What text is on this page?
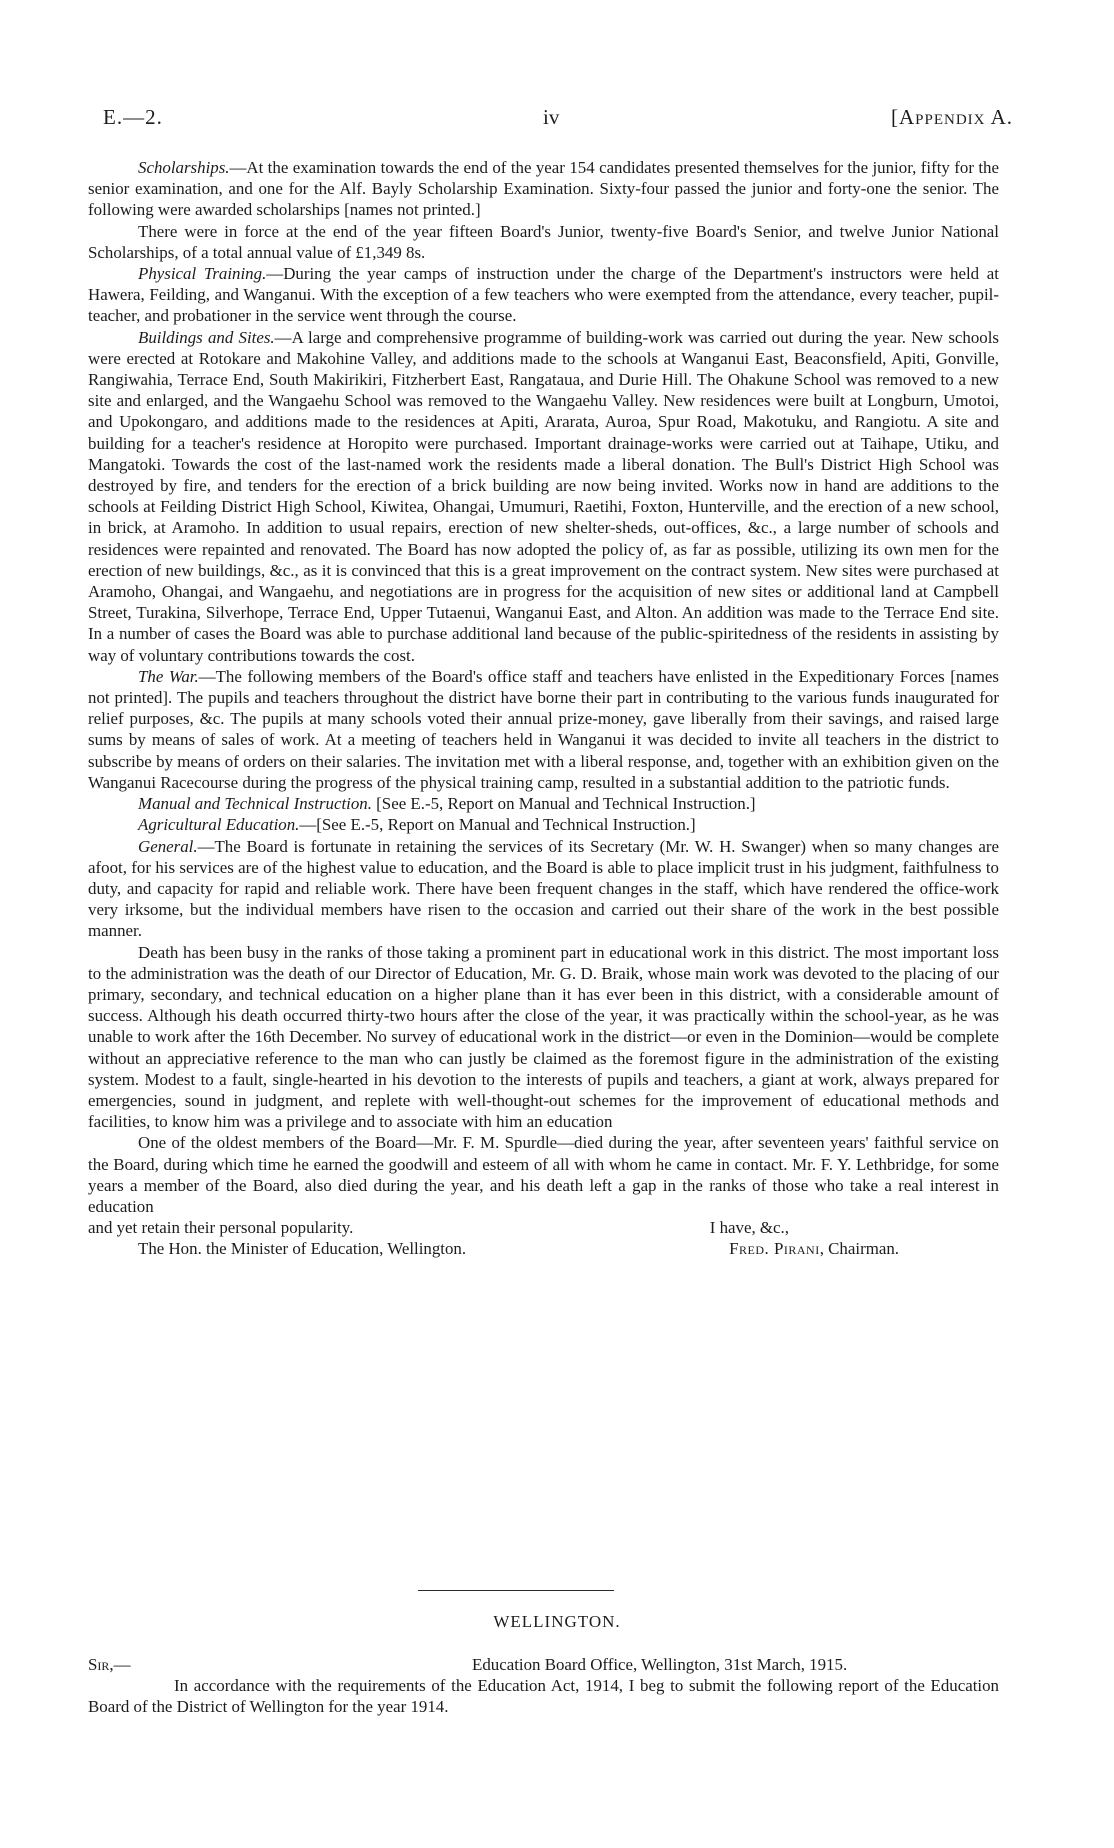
E.—2.	iv	[Appendix A.

Scholarships.—At the examination towards the end of the year 154 candidates presented themselves for the junior, fifty for the senior examination, and one for the Alf. Bayly Scholarship Examination. Sixty-four passed the junior and forty-one the senior. The following were awarded scholarships [names not printed.]

There were in force at the end of the year fifteen Board's Junior, twenty-five Board's Senior, and twelve Junior National Scholarships, of a total annual value of £1,349 8s.

Physical Training.—During the year camps of instruction under the charge of the Department's instructors were held at Hawera, Feilding, and Wanganui. With the exception of a few teachers who were exempted from the attendance, every teacher, pupil-teacher, and probationer in the service went through the course.

Buildings and Sites.—A large and comprehensive programme of building-work was carried out during the year. New schools were erected at Rotokare and Makohine Valley, and additions made to the schools at Wanganui East, Beaconsfield, Apiti, Gonville, Rangiwahia, Terrace End, South Makirikiri, Fitzherbert East, Rangataua, and Durie Hill. The Ohakune School was removed to a new site and enlarged, and the Wangaehu School was removed to the Wangaehu Valley. New residences were built at Longburn, Umotoi, and Upokongaro, and additions made to the residences at Apiti, Ararata, Auroa, Spur Road, Makotuku, and Rangiotu. A site and building for a teacher's residence at Horopito were purchased. Important drainage-works were carried out at Taihape, Utiku, and Mangatoki. Towards the cost of the last-named work the residents made a liberal donation. The Bull's District High School was destroyed by fire, and tenders for the erection of a brick building are now being invited. Works now in hand are additions to the schools at Feilding District High School, Kiwitea, Ohangai, Umumuri, Raetihi, Foxton, Hunterville, and the erection of a new school, in brick, at Aramoho. In addition to usual repairs, erection of new shelter-sheds, out-offices, &c., a large number of schools and residences were repainted and renovated. The Board has now adopted the policy of, as far as possible, utilizing its own men for the erection of new buildings, &c., as it is convinced that this is a great improvement on the contract system. New sites were purchased at Aramoho, Ohangai, and Wangaehu, and negotiations are in progress for the acquisition of new sites or additional land at Campbell Street, Turakina, Silverhope, Terrace End, Upper Tutaenui, Wanganui East, and Alton. An addition was made to the Terrace End site. In a number of cases the Board was able to purchase additional land because of the public-spiritedness of the residents in assisting by way of voluntary contributions towards the cost.

The War.—The following members of the Board's office staff and teachers have enlisted in the Expeditionary Forces [names not printed]. The pupils and teachers throughout the district have borne their part in contributing to the various funds inaugurated for relief purposes, &c. The pupils at many schools voted their annual prize-money, gave liberally from their savings, and raised large sums by means of sales of work. At a meeting of teachers held in Wanganui it was decided to invite all teachers in the district to subscribe by means of orders on their salaries. The invitation met with a liberal response, and, together with an exhibition given on the Wanganui Racecourse during the progress of the physical training camp, resulted in a substantial addition to the patriotic funds.

Manual and Technical Instruction. [See E.-5, Report on Manual and Technical Instruction.]

Agricultural Education.—[See E.-5, Report on Manual and Technical Instruction.]

General.—The Board is fortunate in retaining the services of its Secretary (Mr. W. H. Swanger) when so many changes are afoot, for his services are of the highest value to education, and the Board is able to place implicit trust in his judgment, faithfulness to duty, and capacity for rapid and reliable work. There have been frequent changes in the staff, which have rendered the office-work very irksome, but the individual members have risen to the occasion and carried out their share of the work in the best possible manner.

Death has been busy in the ranks of those taking a prominent part in educational work in this district. The most important loss to the administration was the death of our Director of Education, Mr. G. D. Braik, whose main work was devoted to the placing of our primary, secondary, and technical education on a higher plane than it has ever been in this district, with a considerable amount of success. Although his death occurred thirty-two hours after the close of the year, it was practically within the school-year, as he was unable to work after the 16th December. No survey of educational work in the district—or even in the Dominion—would be complete without an appreciative reference to the man who can justly be claimed as the foremost figure in the administration of the existing system. Modest to a fault, single-hearted in his devotion to the interests of pupils and teachers, a giant at work, always prepared for emergencies, sound in judgment, and replete with well-thought-out schemes for the improvement of educational methods and facilities, to know him was a privilege and to associate with him an education

One of the oldest members of the Board—Mr. F. M. Spurdle—died during the year, after seventeen years' faithful service on the Board, during which time he earned the goodwill and esteem of all with whom he came in contact. Mr. F. Y. Lethbridge, for some years a member of the Board, also died during the year, and his death left a gap in the ranks of those who take a real interest in education

and yet retain their personal popularity.	I have, &c.,
The Hon. the Minister of Education, Wellington.	Fred. Pirani, Chairman.
WELLINGTON.
Sir,—	Education Board Office, Wellington, 31st March, 1915.

In accordance with the requirements of the Education Act, 1914, I beg to submit the following report of the Education Board of the District of Wellington for the year 1914.
